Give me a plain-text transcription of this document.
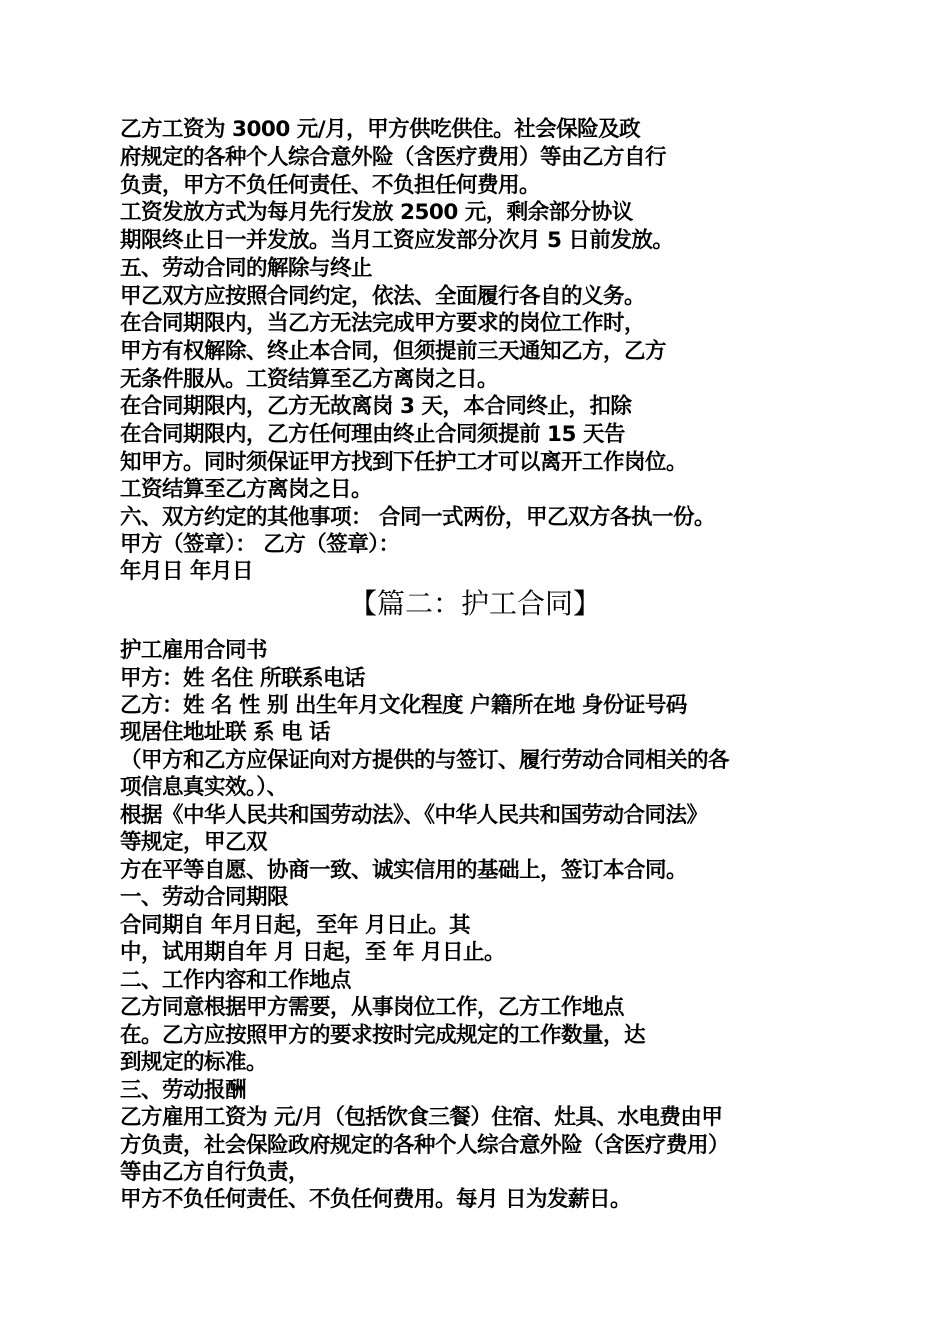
乙方工资为 3000 元/月，甲方供吃供住。社会保险及政
府规定的各种个人综合意外险（含医疗费用）等由乙方自行
负责，甲方不负任何责任、不负担任何费用。
工资发放方式为每月先行发放 2500 元，剩余部分协议
期限终止日一并发放。当月工资应发部分次月 5 日前发放。
五、劳动合同的解除与终止
甲乙双方应按照合同约定，依法、全面履行各自的义务。
在合同期限内，当乙方无法完成甲方要求的岗位工作时，
甲方有权解除、终止本合同，但须提前三天通知乙方，乙方
无条件服从。工资结算至乙方离岗之日。
在合同期限内，乙方无故离岗 3 天，本合同终止，扣除
在合同期限内，乙方任何理由终止合同须提前 15 天告
知甲方。同时须保证甲方找到下任护工才可以离开工作岗位。
工资结算至乙方离岗之日。
六、双方约定的其他事项： 合同一式两份，甲乙双方各执一份。
甲方（签章）： 乙方（签章）：
年月日 年月日
【篇二：护工合同】
护工雇用合同书
甲方：姓 名住 所联系电话
乙方：姓 名 性 别 出生年月文化程度 户籍所在地 身份证号码
现居住地址联 系 电 话
（甲方和乙方应保证向对方提供的与签订、履行劳动合同相关的各
项信息真实效。）、
根据《中华人民共和国劳动法》、《中华人民共和国劳动合同法》
等规定，甲乙双
方在平等自愿、协商一致、诚实信用的基础上，签订本合同。
一、劳动合同期限
合同期自 年月日起，至年 月日止。其
中，试用期自年 月 日起，至 年 月日止。
二、工作内容和工作地点
乙方同意根据甲方需要，从事岗位工作，乙方工作地点
在。乙方应按照甲方的要求按时完成规定的工作数量，达
到规定的标准。
三、劳动报酬
乙方雇用工资为 元/月（包括饮食三餐）住宿、灶具、水电费由甲
方负责，社会保险政府规定的各种个人综合意外险（含医疗费用）
等由乙方自行负责，
甲方不负任何责任、不负任何费用。每月 日为发薪日。
